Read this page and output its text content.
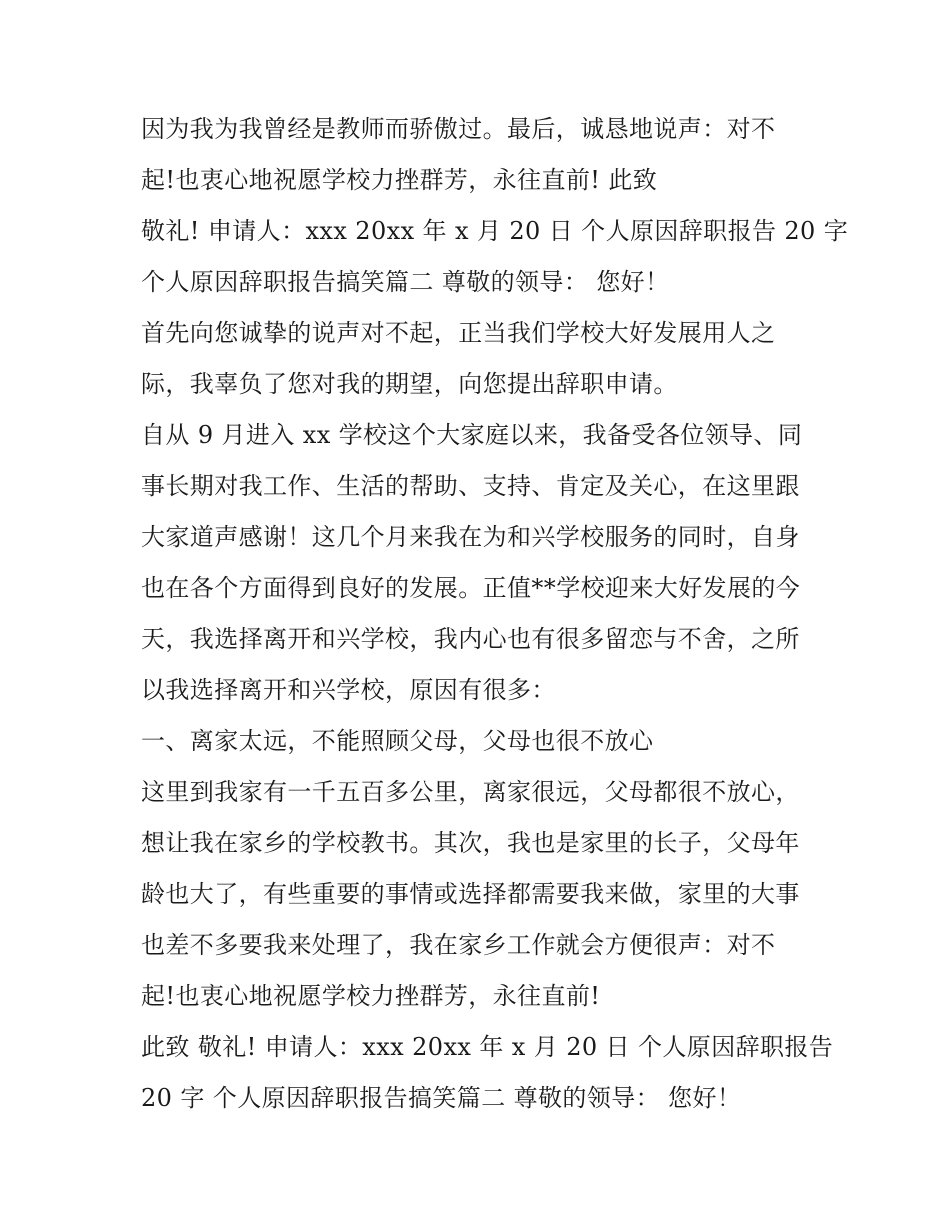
因为我为我曾经是教师而骄傲过。最后，诚恳地说声：对不
起!也衷心地祝愿学校力挫群芳，永往直前! 此致
敬礼! 申请人：xxx 20xx 年 x 月 20 日 个人原因辞职报告 20 字
个人原因辞职报告搞笑篇二 尊敬的领导： 您好！
首先向您诚挚的说声对不起，正当我们学校大好发展用人之
际，我辜负了您对我的期望，向您提出辞职申请。
自从 9 月进入 xx 学校这个大家庭以来，我备受各位领导、同
事长期对我工作、生活的帮助、支持、肯定及关心，在这里跟
大家道声感谢！这几个月来我在为和兴学校服务的同时，自身
也在各个方面得到良好的发展。正值**学校迎来大好发展的今
天，我选择离开和兴学校，我内心也有很多留恋与不舍，之所
以我选择离开和兴学校，原因有很多：
一、离家太远，不能照顾父母，父母也很不放心
这里到我家有一千五百多公里，离家很远，父母都很不放心，
想让我在家乡的学校教书。其次，我也是家里的长子，父母年
龄也大了，有些重要的事情或选择都需要我来做，家里的大事
也差不多要我来处理了，我在家乡工作就会方便很声：对不
起!也衷心地祝愿学校力挫群芳，永往直前!
此致 敬礼! 申请人：xxx 20xx 年 x 月 20 日 个人原因辞职报告
20 字 个人原因辞职报告搞笑篇二 尊敬的领导： 您好！
